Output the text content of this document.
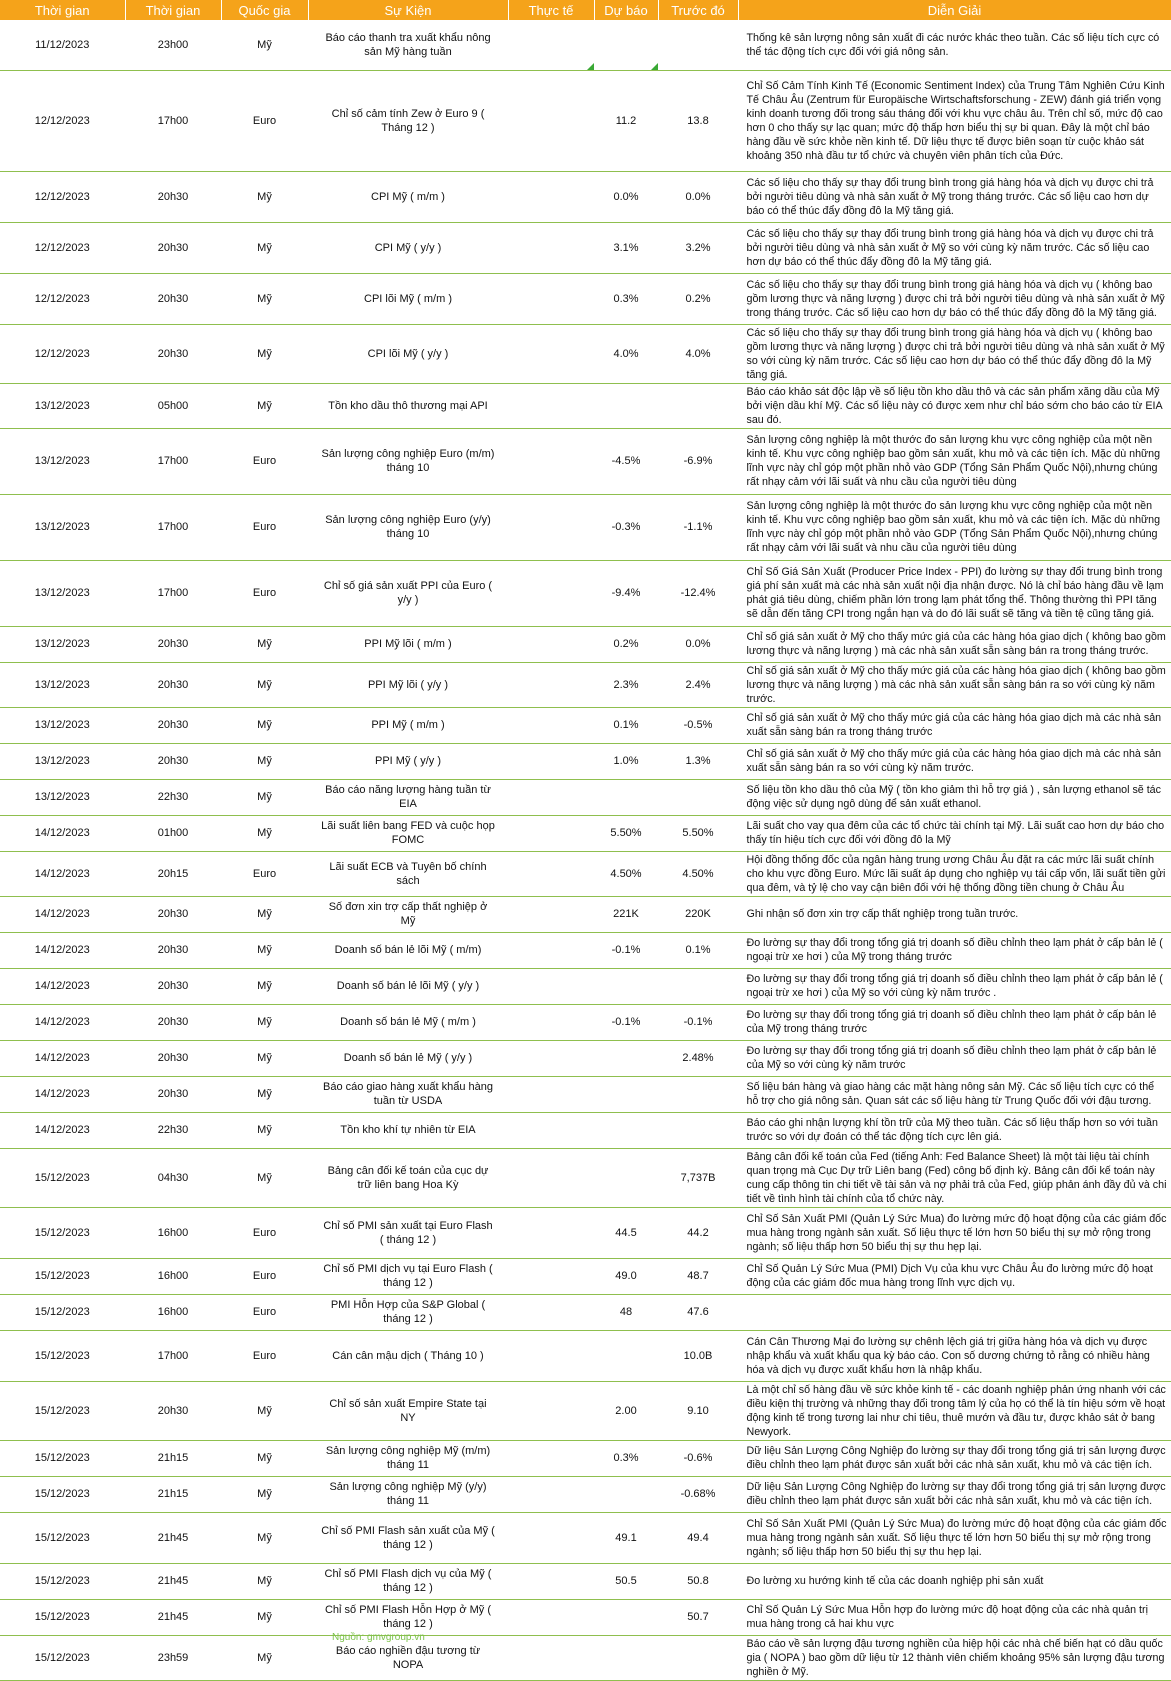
Thời gian	Thời gian	Quốc gia	Sự Kiện	Thực tế	Dự báo	Trước đó	Diễn Giải
11/12/2023	23h00	Mỹ	Báo cáo thanh tra xuất khẩu nông sản Mỹ hàng tuần				Thống kê sản lượng nông sản xuất đi các nước khác theo tuần. Các số liệu tích cực có thể tác động tích cực đối với giá nông sản.
12/12/2023	17h00	Euro	Chỉ số cảm tính Zew ở Euro 9 ( Tháng 12 )		11.2	13.8	Chỉ Số Cảm Tính Kinh Tế (Economic Sentiment Index) của Trung Tâm Nghiên Cứu Kinh Tế Châu Âu (Zentrum für Europäische Wirtschaftsforschung - ZEW) đánh giá triển vọng kinh doanh tương đối trong sáu tháng đối với khu vực châu âu. Trên chỉ số, mức độ cao hơn 0 cho thấy sự lạc quan; mức độ thấp hơn biểu thị sự bi quan. Đây là một chỉ báo hàng đầu về sức khỏe nền kinh tế. Dữ liệu thực tế được biên soạn từ cuộc khảo sát khoảng 350 nhà đầu tư tổ chức và chuyên viên phân tích của Đức.
12/12/2023	20h30	Mỹ	CPI Mỹ ( m/m )		0.0%	0.0%	Các số liệu cho thấy sự thay đổi trung bình trong giá hàng hóa và dịch vụ được chi trả bởi người tiêu dùng và nhà sản xuất ở Mỹ trong tháng trước. Các số liệu cao hơn dự báo có thể thúc đẩy đồng đô la Mỹ tăng giá.
12/12/2023	20h30	Mỹ	CPI Mỹ ( y/y )		3.1%	3.2%	Các số liệu cho thấy sự thay đổi trung bình trong giá hàng hóa và dịch vụ được chi trả bởi người tiêu dùng và nhà sản xuất ở Mỹ so với cùng kỳ năm trước. Các số liệu cao hơn dự báo có thể thúc đẩy đồng đô la Mỹ tăng giá.
12/12/2023	20h30	Mỹ	CPI lõi Mỹ ( m/m )		0.3%	0.2%	Các số liệu cho thấy sự thay đổi trung bình trong giá hàng hóa và dịch vụ ( không bao gồm lương thực và năng lượng ) được chi trả bởi người tiêu dùng và nhà sản xuất ở Mỹ trong tháng trước. Các số liệu cao hơn dự báo có thể thúc đẩy đồng đô la Mỹ tăng giá.
12/12/2023	20h30	Mỹ	CPI lõi Mỹ ( y/y )		4.0%	4.0%	Các số liệu cho thấy sự thay đổi trung bình trong giá hàng hóa và dịch vụ ( không bao gồm lương thực và năng lượng ) được chi trả bởi người tiêu dùng và nhà sản xuất ở Mỹ so với cùng kỳ năm trước. Các số liệu cao hơn dự báo có thể thúc đẩy đồng đô la Mỹ tăng giá.
13/12/2023	05h00	Mỹ	Tồn kho dầu thô thương mại API				Báo cáo khảo sát độc lập về số liệu tồn kho dầu thô và các sản phẩm xăng dầu của Mỹ bởi viện dầu khí Mỹ. Các số liệu này có được xem như chỉ báo sớm cho báo cáo từ EIA sau đó.
13/12/2023	17h00	Euro	Sản lượng công nghiệp Euro (m/m) tháng 10		-4.5%	-6.9%	Sản lượng công nghiệp là một thước đo sản lượng khu vực công nghiệp của một nền kinh tế. Khu vực công nghiệp bao gồm sản xuất, khu mỏ và các tiện ích. Mặc dù những lĩnh vực này chỉ góp một phần nhỏ vào GDP (Tổng Sản Phẩm Quốc Nội),nhưng chúng rất nhạy cảm với lãi suất và nhu cầu của người tiêu dùng
13/12/2023	17h00	Euro	Sản lượng công nghiệp Euro (y/y) tháng 10		-0.3%	-1.1%	Sản lượng công nghiệp là một thước đo sản lượng khu vực công nghiệp của một nền kinh tế. Khu vực công nghiệp bao gồm sản xuất, khu mỏ và các tiện ích. Mặc dù những lĩnh vực này chỉ góp một phần nhỏ vào GDP (Tổng Sản Phẩm Quốc Nội),nhưng chúng rất nhạy cảm với lãi suất và nhu cầu của người tiêu dùng
13/12/2023	17h00	Euro	Chỉ số giá sản xuất PPI của Euro ( y/y )		-9.4%	-12.4%	Chỉ Số Giá Sản Xuất (Producer Price Index - PPI) đo lường sự thay đổi trung bình trong giá phí sản xuất mà các nhà sản xuất nội địa nhận được. Nó là chỉ báo hàng đầu về lạm phát giá tiêu dùng, chiếm phần lớn trong lạm phát tổng thể. Thông thường thì PPI tăng sẽ dẫn đến tăng CPI trong ngắn hạn và do đó lãi suất sẽ tăng và tiền tệ cũng tăng giá.
13/12/2023	20h30	Mỹ	PPI Mỹ lõi ( m/m )		0.2%	0.0%	Chỉ số giá sản xuất ở Mỹ cho thấy mức giá của các hàng hóa giao dịch ( không bao gồm lương thực và năng lượng ) mà các nhà sản xuất sẵn sàng bán ra trong tháng trước.
13/12/2023	20h30	Mỹ	PPI Mỹ lõi ( y/y )		2.3%	2.4%	Chỉ số giá sản xuất ở Mỹ cho thấy mức giá của các hàng hóa giao dịch ( không bao gồm lương thực và năng lượng ) mà các nhà sản xuất sẵn sàng bán ra so với cùng kỳ năm trước.
13/12/2023	20h30	Mỹ	PPI Mỹ ( m/m )		0.1%	-0.5%	Chỉ số giá sản xuất ở Mỹ cho thấy mức giá của các hàng hóa giao dịch mà các nhà sản xuất sẵn sàng bán ra trong tháng trước
13/12/2023	20h30	Mỹ	PPI Mỹ ( y/y )		1.0%	1.3%	Chỉ số giá sản xuất ở Mỹ cho thấy mức giá của các hàng hóa giao dịch mà các nhà sản xuất sẵn sàng bán ra so với cùng kỳ năm trước.
13/12/2023	22h30	Mỹ	Báo cáo năng lượng hàng tuần từ EIA				Số liệu tồn kho dầu thô của Mỹ ( tồn kho giảm thì hỗ trợ giá ) , sản lượng ethanol sẽ tác động việc sử dụng ngô dùng để sản xuất ethanol.
14/12/2023	01h00	Mỹ	Lãi suất liên bang FED và cuộc họp FOMC		5.50%	5.50%	Lãi suất cho vay qua đêm của các tổ chức tài chính tại Mỹ. Lãi suất cao hơn dự báo cho thấy tín hiệu tích cực đối với đồng đô la Mỹ
14/12/2023	20h15	Euro	Lãi suất ECB và Tuyên bố chính sách		4.50%	4.50%	Hội đồng thống đốc của ngân hàng trung ương Châu Âu đặt ra các mức lãi suất chính cho khu vực đồng Euro. Mức lãi suất áp dụng cho nghiệp vụ tái cấp vốn, lãi suất tiền gửi qua đêm, và tỷ lệ cho vay cận biên đối với hệ thống đồng tiền chung ở Châu Âu
14/12/2023	20h30	Mỹ	Số đơn xin trợ cấp thất nghiệp ở Mỹ		221K	220K	Ghi nhận số đơn xin trợ cấp thất nghiệp trong tuần trước.
14/12/2023	20h30	Mỹ	Doanh số bán lẻ lõi Mỹ ( m/m)		-0.1%	0.1%	Đo lường sự thay đổi trong tổng giá trị doanh số điều chỉnh theo lạm phát ở cấp bản lẻ ( ngoại trừ xe hơi ) của Mỹ trong tháng trước
14/12/2023	20h30	Mỹ	Doanh số bán lẻ lõi Mỹ ( y/y )				Đo lường sự thay đổi trong tổng giá trị doanh số điều chỉnh theo lạm phát ở cấp bản lẻ ( ngoại trừ xe hơi ) của Mỹ so với cùng kỳ năm trước .
14/12/2023	20h30	Mỹ	Doanh số bán lẻ Mỹ ( m/m )		-0.1%	-0.1%	Đo lường sự thay đổi trong tổng giá trị doanh số điều chỉnh theo lạm phát ở cấp bản lẻ của Mỹ trong tháng trước
14/12/2023	20h30	Mỹ	Doanh số bán lẻ Mỹ ( y/y )			2.48%	Đo lường sự thay đổi trong tổng giá trị doanh số điều chỉnh theo lạm phát ở cấp bản lẻ của Mỹ so với cùng kỳ năm trước
14/12/2023	20h30	Mỹ	Báo cáo giao hàng xuất khẩu hàng tuần từ USDA				Số liệu bán hàng và giao hàng các mặt hàng nông sản Mỹ. Các số liệu tích cực có thể hỗ trợ cho giá nông sản. Quan sát các số liệu hàng từ Trung Quốc đối với đậu tương.
14/12/2023	22h30	Mỹ	Tồn kho khí tự nhiên từ EIA				Báo cáo ghi nhận lượng khí tồn trữ của Mỹ theo tuần. Các số liệu thấp hơn so với tuần trước so với dự đoán có thể tác động tích cực lên giá.
15/12/2023	04h30	Mỹ	Bảng cân đối kế toán của cục dự trữ liên bang Hoa Kỳ			7,737B	Bảng cân đối kế toán của Fed (tiếng Anh: Fed Balance Sheet) là một tài liệu tài chính quan trọng mà Cục Dự trữ Liên bang (Fed) công bố định kỳ. Bảng cân đối kế toán này cung cấp thông tin chi tiết về tài sản và nợ phải trả của Fed, giúp phản ánh đầy đủ và chi tiết về tình hình tài chính của tổ chức này.
15/12/2023	16h00	Euro	Chỉ số PMI sản xuất tại Euro Flash ( tháng 12 )		44.5	44.2	Chỉ Số Sản Xuất PMI (Quản Lý Sức Mua) đo lường mức độ hoạt động của các giám đốc mua hàng trong ngành sản xuất. Số liệu thực tế lớn hơn 50 biểu thị sự mở rộng trong ngành; số liệu thấp hơn 50 biểu thị sự thu hẹp lại.
15/12/2023	16h00	Euro	Chỉ số PMI dịch vụ tại Euro Flash ( tháng 12 )		49.0	48.7	Chỉ Số Quản Lý Sức Mua (PMI) Dịch Vụ của khu vực Châu Âu đo lường mức độ hoạt động của các giám đốc mua hàng trong lĩnh vực dịch vụ.
15/12/2023	16h00	Euro	PMI Hỗn Hợp của S&P Global ( tháng 12 )		48	47.6	
15/12/2023	17h00	Euro	Cán cân mậu dịch ( Tháng 10 )			10.0B	Cán Cân Thương Mại đo lường sự chênh lệch giá trị giữa hàng hóa và dịch vụ được nhập khẩu và xuất khẩu qua kỳ báo cáo. Con số dương chứng tỏ rằng có nhiều hàng hóa và dịch vụ được xuất khẩu hơn là nhập khẩu.
15/12/2023	20h30	Mỹ	Chỉ số sản xuất Empire State tại NY		2.00	9.10	Là một chỉ số hàng đầu về sức khỏe kinh tế - các doanh nghiệp phản ứng nhanh với các điều kiện thị trường và những thay đổi trong tâm lý của họ có thể là tín hiệu sớm về hoạt động kinh tế trong tương lai như chi tiêu, thuê mướn và đầu tư, được khảo sát ở bang Newyork.
15/12/2023	21h15	Mỹ	Sản lượng công nghiệp Mỹ (m/m) tháng 11		0.3%	-0.6%	Dữ liệu Sản Lượng Công Nghiệp đo lường sự thay đổi trong tổng giá trị sản lượng được điều chỉnh theo lạm phát được sản xuất bởi các nhà sản xuất, khu mỏ và các tiện ích.
15/12/2023	21h15	Mỹ	Sản lượng công nghiệp Mỹ (y/y) tháng 11			-0.68%	Dữ liệu Sản Lượng Công Nghiệp đo lường sự thay đổi trong tổng giá trị sản lượng được điều chỉnh theo lạm phát được sản xuất bởi các nhà sản xuất, khu mỏ và các tiện ích.
15/12/2023	21h45	Mỹ	Chỉ số PMI Flash sản xuất của Mỹ ( tháng 12 )		49.1	49.4	Chỉ Số Sản Xuất PMI (Quản Lý Sức Mua) đo lường mức độ hoạt động của các giám đốc mua hàng trong ngành sản xuất. Số liệu thực tế lớn hơn 50 biểu thị sự mở rộng trong ngành; số liệu thấp hơn 50 biểu thị sự thu hẹp lại.
15/12/2023	21h45	Mỹ	Chỉ số PMI Flash dịch vụ của Mỹ ( tháng 12 )		50.5	50.8	Đo lường xu hướng kinh tế của các doanh nghiệp phi sản xuất
15/12/2023	21h45	Mỹ	Chỉ số PMI Flash Hỗn Hợp ở Mỹ ( tháng 12 )			50.7	Chỉ Số Quản Lý Sức Mua Hỗn hợp đo lường mức độ hoạt động của các nhà quản trị mua hàng trong cả hai khu vực
15/12/2023	23h59	Mỹ	Báo cáo nghiền đậu tương từ NOPA				Báo cáo về sản lượng đậu tương nghiền của hiệp hội các nhà chế biến hạt có dầu quốc gia ( NOPA ) bao gồm dữ liệu từ 12 thành viên chiếm khoảng 95% sản lượng đậu tương nghiền ở Mỹ.
Nguồn: gmvgroup.vn
